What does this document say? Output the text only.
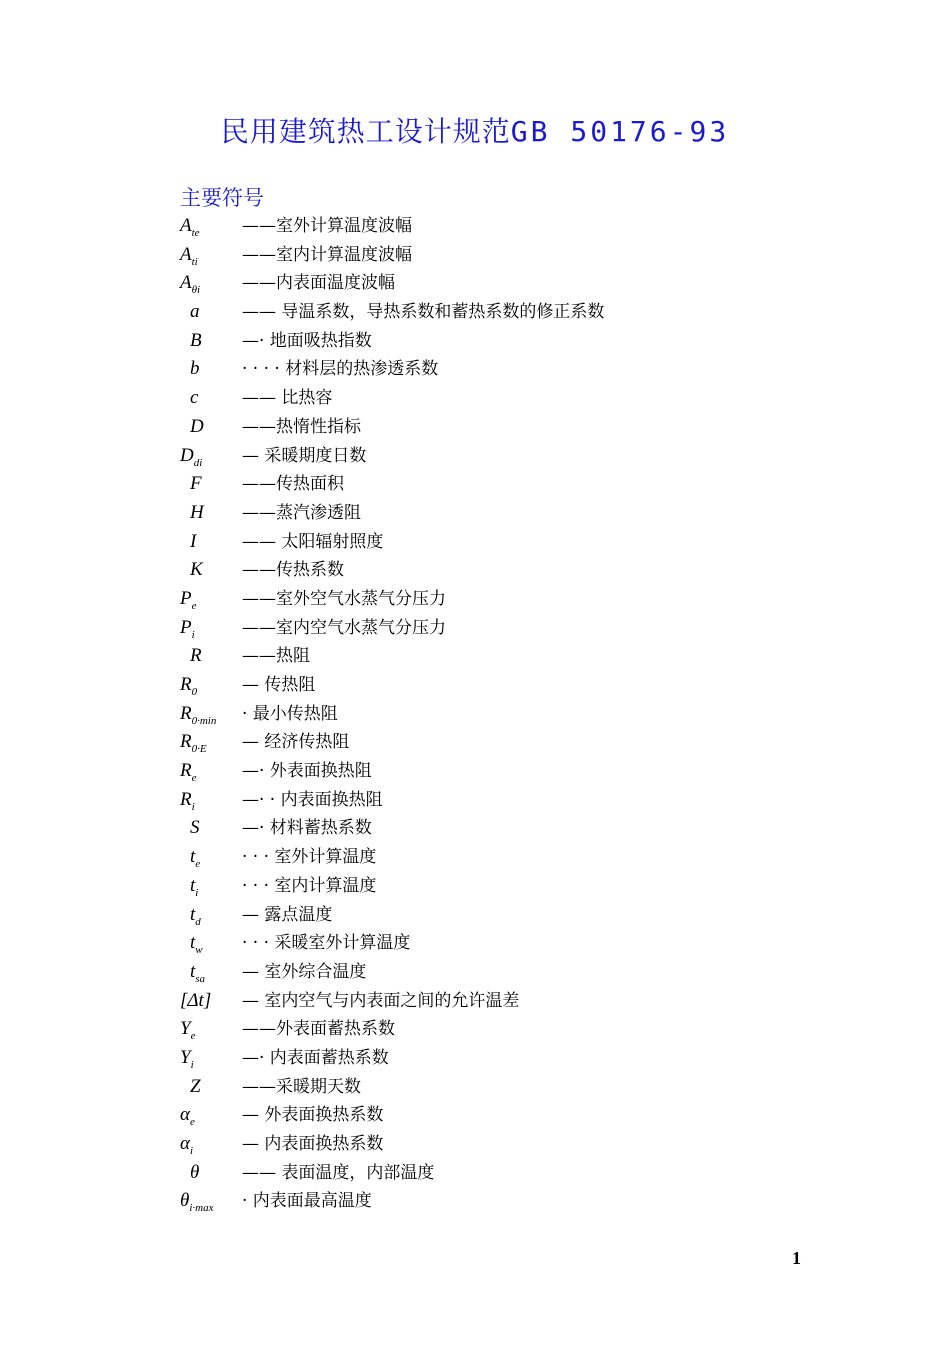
民用建筑热工设计规范GB 50176-93
主要符号
$A_{te}$	——室外计算温度波幅
$A_{ti}$	——室内计算温度波幅
$A_{\theta i}$	——内表面温度波幅
a	—— 导温系数，导热系数和蓄热系数的修正系数
B	—· 地面吸热指数
b	· · · · 材料层的热渗透系数
c	—— 比热容
D	——热惰性指标
$D_{di}$	— 采暖期度日数
F	——传热面积
H	——蒸汽渗透阻
I	—— 太阳辐射照度
K	——传热系数
$P_e$	——室外空气水蒸气分压力
$P_i$	——室内空气水蒸气分压力
R	——热阻
$R_0$	— 传热阻
$R_{0\cdot min}$	· 最小传热阻
$R_{0\cdot E}$	— 经济传热阻
$R_e$	—· 外表面换热阻
$R_i$	—· · 内表面换热阻
S	—· 材料蓄热系数
$t_e$	· · · 室外计算温度
$t_i$	· · · 室内计算温度
$t_d$	— 露点温度
$t_w$	· · · 采暖室外计算温度
$t_{sa}$	— 室外综合温度
[Δt]	— 室内空气与内表面之间的允许温差
$Y_e$	——外表面蓄热系数
$Y_i$	—· 内表面蓄热系数
Z	——采暖期天数
$\alpha_e$	— 外表面换热系数
$\alpha_i$	— 内表面换热系数
θ	—— 表面温度，内部温度
$\theta_{i\cdot max}$	· 内表面最高温度
1
